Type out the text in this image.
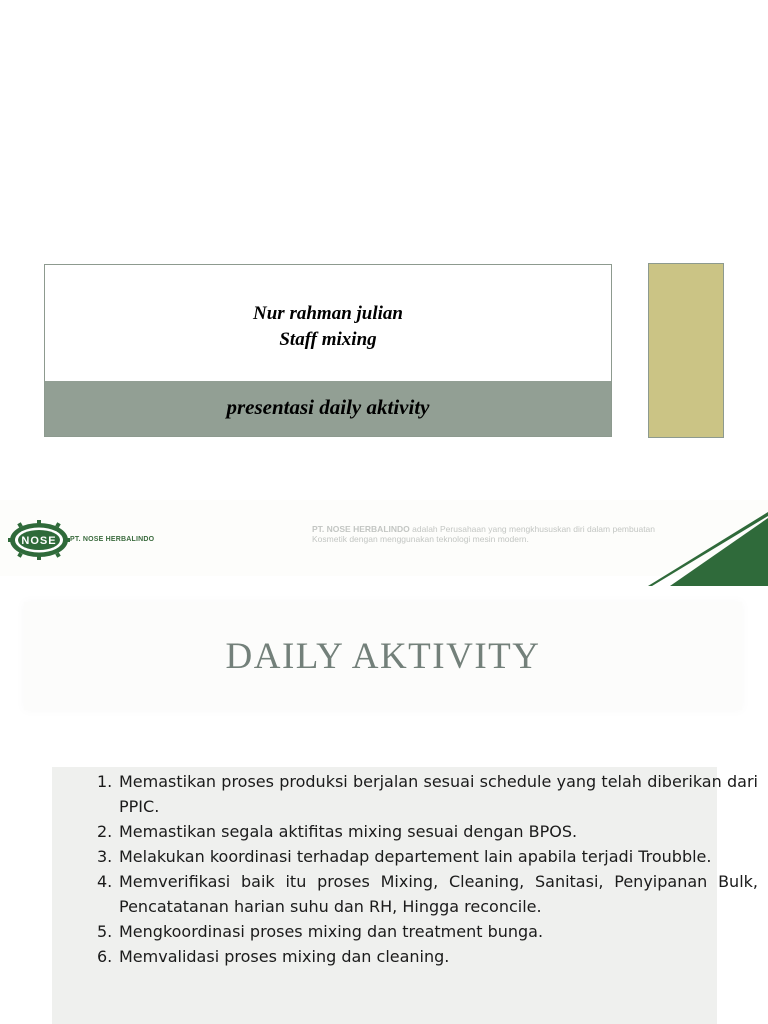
Nur rahman julian
Staff mixing
presentasi daily aktivity
NOSE PT. NOSE HERBALINDO
PT. NOSE HERBALINDO adalah Perusahaan yang mengkhususkan diri dalam pembuatan Kosmetik dengan menggunakan teknologi mesin modern.
DAILY AKTIVITY
1. Memastikan proses produksi berjalan sesuai schedule yang telah diberikan dari PPIC.
2. Memastikan segala aktifitas mixing sesuai dengan BPOS.
3. Melakukan koordinasi terhadap departement lain apabila terjadi Troubble.
4. Memverifikasi baik itu proses Mixing, Cleaning, Sanitasi, Penyipanan Bulk, Pencatatanan harian suhu dan RH, Hingga reconcile.
5. Mengkoordinasi proses mixing dan treatment bunga.
6. Memvalidasi proses mixing dan cleaning.
